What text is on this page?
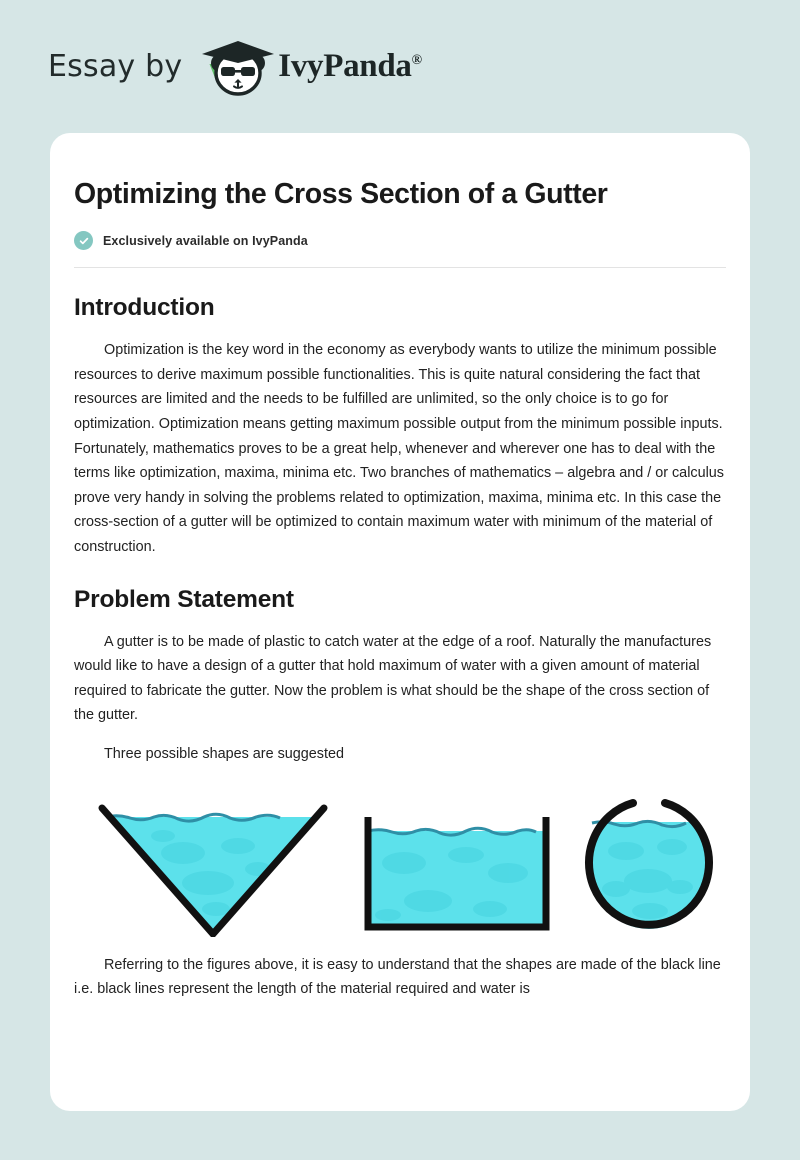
Essay by	IvyPanda®
Optimizing the Cross Section of a Gutter
Exclusively available on IvyPanda
Introduction

Optimization is the key word in the economy as everybody wants to utilize the minimum possible resources to derive maximum possible functionalities. This is quite natural considering the fact that resources are limited and the needs to be fulfilled are unlimited, so the only choice is to go for optimization. Optimization means getting maximum possible output from the minimum possible inputs. Fortunately, mathematics proves to be a great help, whenever and wherever one has to deal with the terms like optimization, maxima, minima etc. Two branches of mathematics – algebra and / or calculus prove very handy in solving the problems related to optimization, maxima, minima etc. In this case the cross-section of a gutter will be optimized to contain maximum water with minimum of the material of construction.

Problem Statement

A gutter is to be made of plastic to catch water at the edge of a roof. Naturally the manufactures would like to have a design of a gutter that hold maximum of water with a given amount of material required to fabricate the gutter. Now the problem is what should be the shape of the cross section of the gutter.

Three possible shapes are suggested

Referring to the figures above, it is easy to understand that the shapes are made of the black line i.e. black lines represent the length of the material required and water is
